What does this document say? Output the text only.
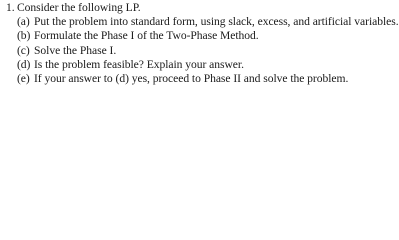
1. Consider the following LP.
(a) Put the problem into standard form, using slack, excess, and artificial variables.
(b) Formulate the Phase I of the Two-Phase Method.
(c) Solve the Phase I.
(d) Is the problem feasible? Explain your answer.
(e) If your answer to (d) yes, proceed to Phase II and solve the problem.
